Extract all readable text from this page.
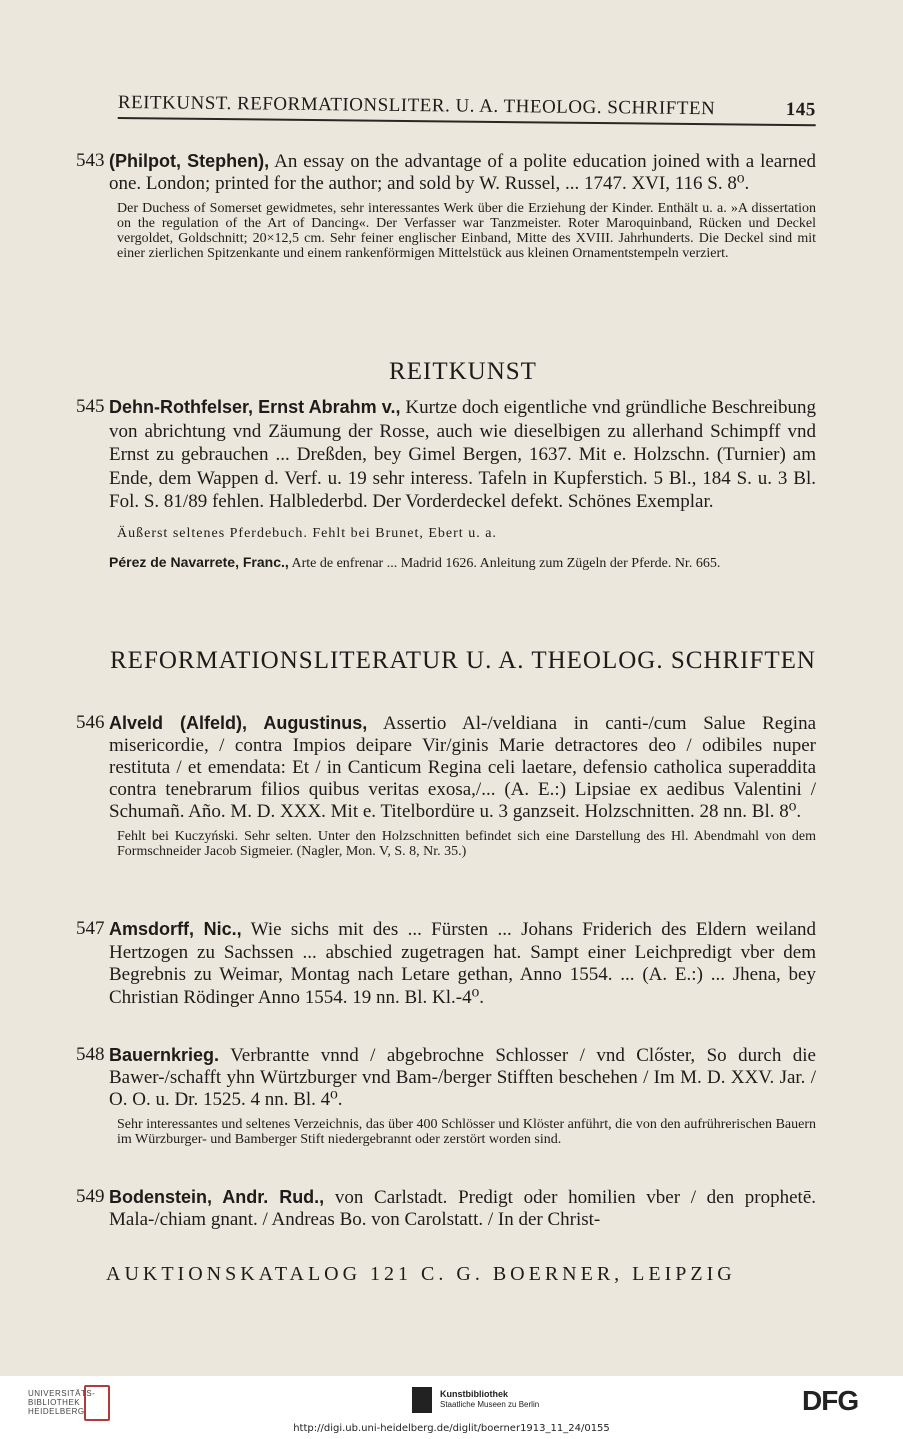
REITKUNST. REFORMATIONSLITER. U. A. THEOLOG. SCHRIFTEN	145
543 (Philpot, Stephen), An essay on the advantage of a polite education joined with a learned one. London; printed for the author; and sold by W. Russel, ... 1747. XVI, 116 S. 8⁰.
Der Duchess of Somerset gewidmetes, sehr interessantes Werk über die Erziehung der Kinder. Enthält u. a. »A dissertation on the regulation of the Art of Dancing«. Der Verfasser war Tanzmeister. Roter Maroquinband, Rücken und Deckel vergoldet, Goldschnitt; 20×12,5 cm. Sehr feiner englischer Einband, Mitte des XVIII. Jahrhunderts. Die Deckel sind mit einer zierlichen Spitzenkante und einem rankenförmigen Mittelstück aus kleinen Ornamentstempeln verziert.
REITKUNST
545 Dehn-Rothfelser, Ernst Abrahm v., Kurtze doch eigentliche vnd gründliche Beschreibung von abrichtung vnd Zäumung der Rosse, auch wie dieselbigen zu allerhand Schimpff vnd Ernst zu gebrauchen ... Dreßden, bey Gimel Bergen, 1637. Mit e. Holzschn. (Turnier) am Ende, dem Wappen d. Verf. u. 19 sehr interess. Tafeln in Kupferstich. 5 Bl., 184 S. u. 3 Bl. Fol. S. 81/89 fehlen. Halblederbd. Der Vorderdeckel defekt. Schönes Exemplar.
Äußerst seltenes Pferdebuch. Fehlt bei Brunet, Ebert u. a.
Pérez de Navarrete, Franc., Arte de enfrenar ... Madrid 1626. Anleitung zum Zügeln der Pferde. Nr. 665.
REFORMATIONSLITERATUR U. A. THEOLOG. SCHRIFTEN
546 Alveld (Alfeld), Augustinus, Assertio Al-/veldiana in canti-/cum Salue Regina misericordie, / contra Impios deipare Vir/ginis Marie detractores deo / odibiles nuper restituta / et emendata: Et / in Canticum Regina celi laetare, defensio catholica superaddita contra tenebrarum filios quibus veritas exosa,/... (A. E.:) Lipsiae ex aedibus Valentini / Schumañ. Año. M. D. XXX. Mit e. Titelbordüre u. 3 ganzseit. Holzschnitten. 28 nn. Bl. 8⁰.
Fehlt bei Kuczyński. Sehr selten. Unter den Holzschnitten befindet sich eine Darstellung des Hl. Abendmahl von dem Formschneider Jacob Sigmeier. (Nagler, Mon. V, S. 8, Nr. 35.)
547 Amsdorff, Nic., Wie sichs mit des ... Fürsten ... Johans Friderich des Eldern weiland Hertzogen zu Sachssen ... abschied zugetragen hat. Sampt einer Leichpredigt vber dem Begrebnis zu Weimar, Montag nach Letare gethan, Anno 1554. ... (A. E.:) ... Jhena, bey Christian Rödinger Anno 1554. 19 nn. Bl. Kl.-4⁰.
548 Bauernkrieg. Verbrantte vnnd / abgebrochne Schlosser / vnd Clőster, So durch die Bawer-/schafft yhn Würtzburger vnd Bam-/berger Stifften beschehen / Im M. D. XXV. Jar. / O. O. u. Dr. 1525. 4 nn. Bl. 4⁰.
Sehr interessantes und seltenes Verzeichnis, das über 400 Schlösser und Klöster anführt, die von den aufrührerischen Bauern im Würzburger- und Bamberger Stift niedergebrannt oder zerstört worden sind.
549 Bodenstein, Andr. Rud., von Carlstadt. Predigt oder homilien vber / den prophetē. Mala-/chiam gnant. / Andreas Bo. von Carolstatt. / In der Christ-
AUKTIONSKATALOG 121 C. G. BOERNER, LEIPZIG
UNIVERSITÄTS- BIBLIOTHEK HEIDELBERG
Kunstbibliothek
Staatliche Museen zu Berlin	DFG
http://digi.ub.uni-heidelberg.de/diglit/boerner1913_11_24/0155
